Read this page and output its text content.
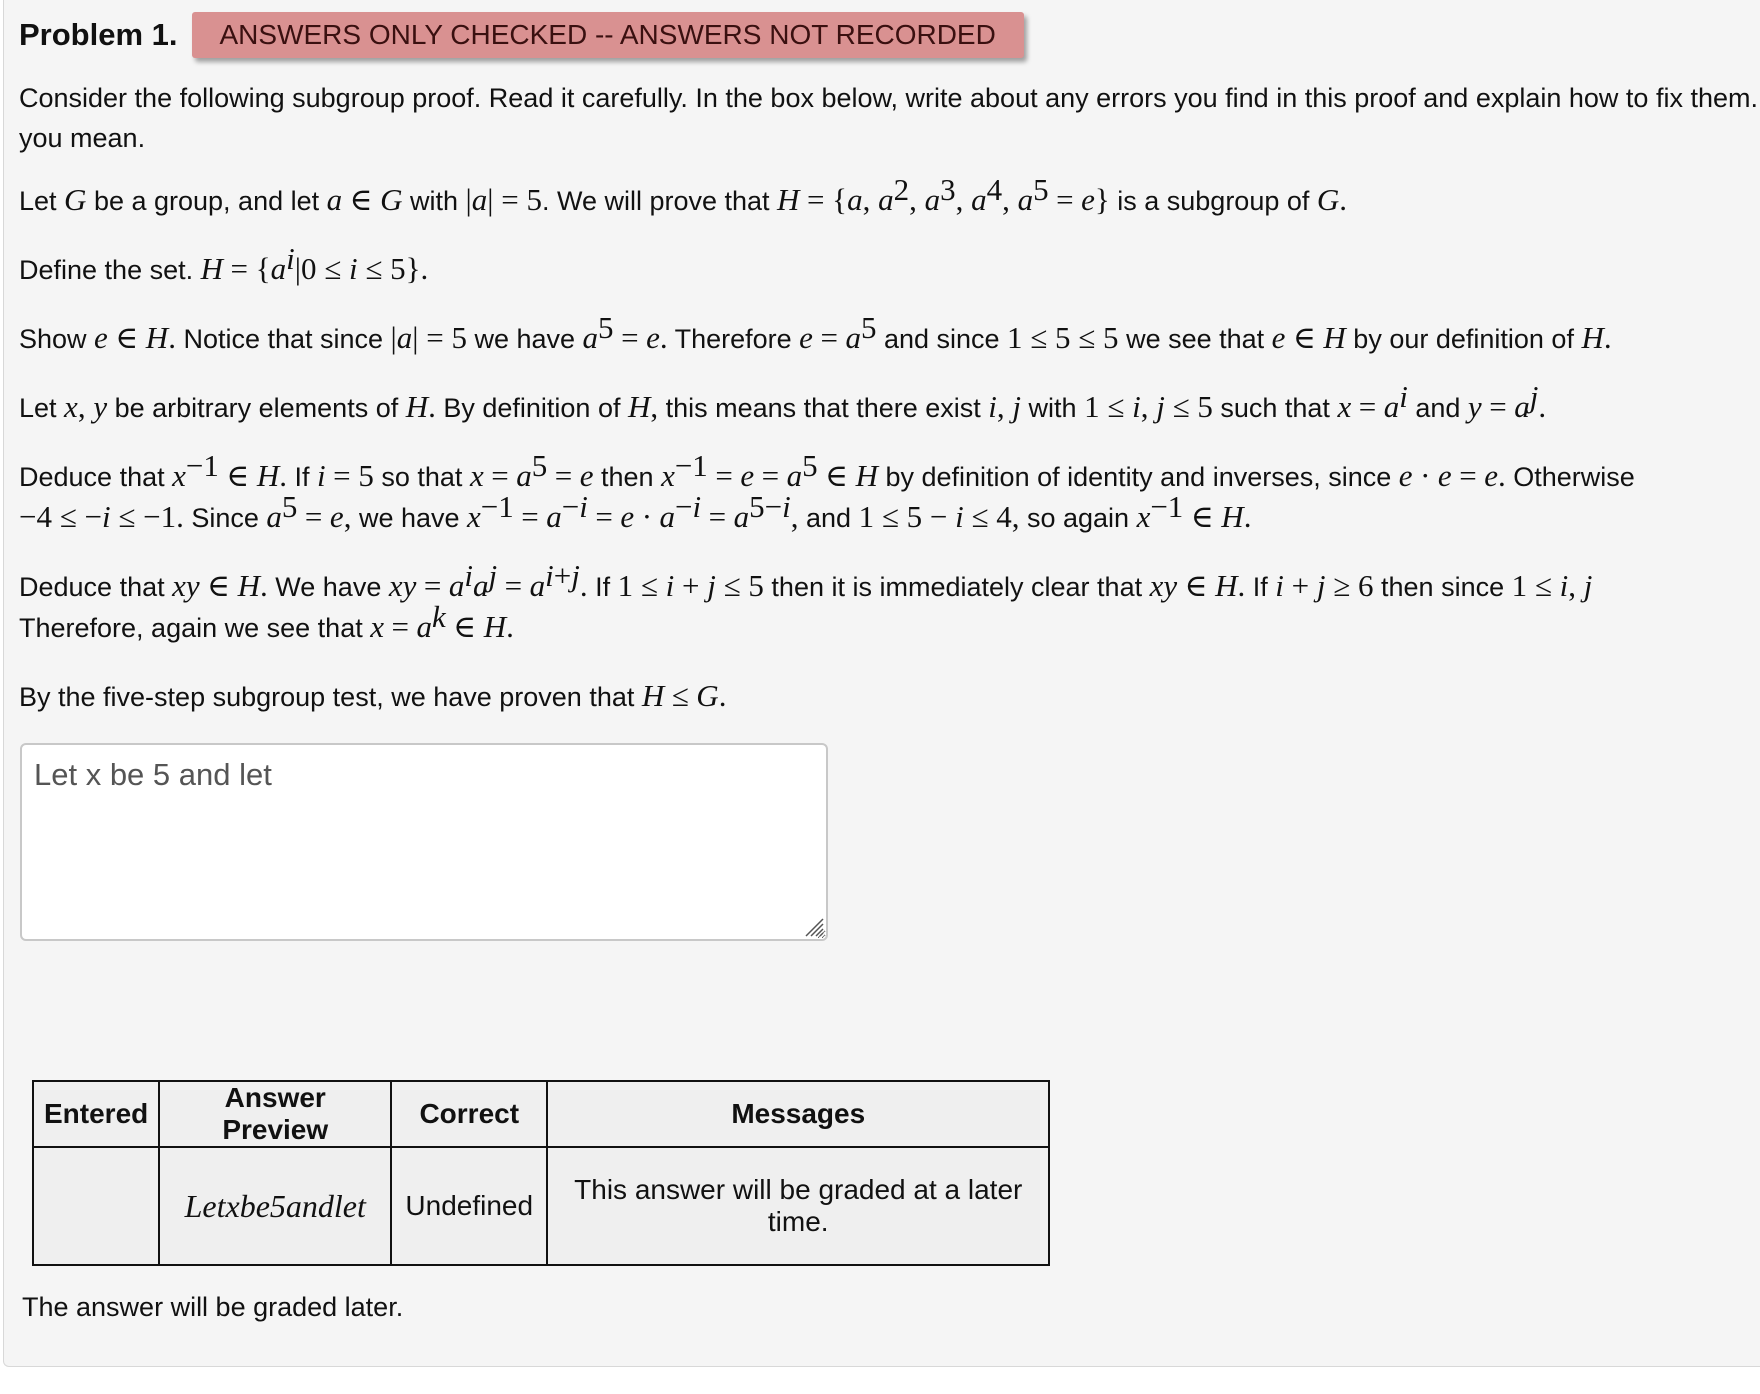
Problem 1.	ANSWERS ONLY CHECKED -- ANSWERS NOT RECORDED

Consider the following subgroup proof. Read it carefully. In the box below, write about any errors you find in this proof and explain how to fix them.

you mean.

Let G be a group, and let a ∈ G with |a| = 5. We will prove that H = {a, $a^2$, $a^3$, $a^4$, $a^5 = e$} is a subgroup of G.

Define the set. $H = \{a^i|0 \le i \le 5\}$.

Show e ∈ H. Notice that since |a| = 5 we have $a^5 = e$. Therefore $e = a^5$ and since 1 ≤ 5 ≤ 5 we see that e ∈ H by our definition of H.

Let x, y be arbitrary elements of H. By definition of H, this means that there exist i, j with 1 ≤ i, j ≤ 5 such that $x = a^i$ and $y = a^j$.

Deduce that $x^{-1}$ ∈ H. If i = 5 so that $x = a^5 = e$ then $x^{-1} = e = a^5$ ∈ H by definition of identity and inverses, since e · e = e. Otherwise

−4 ≤ −i ≤ −1. Since $a^5 = e$, we have $x^{-1} = a^{-i} = e \cdot a^{-i} = a^{5-i}$, and 1 ≤ 5 − i ≤ 4, so again $x^{-1}$ ∈ H.

Deduce that xy ∈ H. We have xy = $a^ia^j = a^{i+j}$. If 1 ≤ i + j ≤ 5 then it is immediately clear that xy ∈ H. If i + j ≥ 6 then since 1 ≤ i, j

Therefore, again we see that $x = a^k$ ∈ H.

By the five-step subgroup test, we have proven that H ≤ G.

Let x be 5 and let
Entered	Answer Preview	Correct	Messages
	Letxbe5andlet	Undefined	This answer will be graded at a later time.
The answer will be graded later.
